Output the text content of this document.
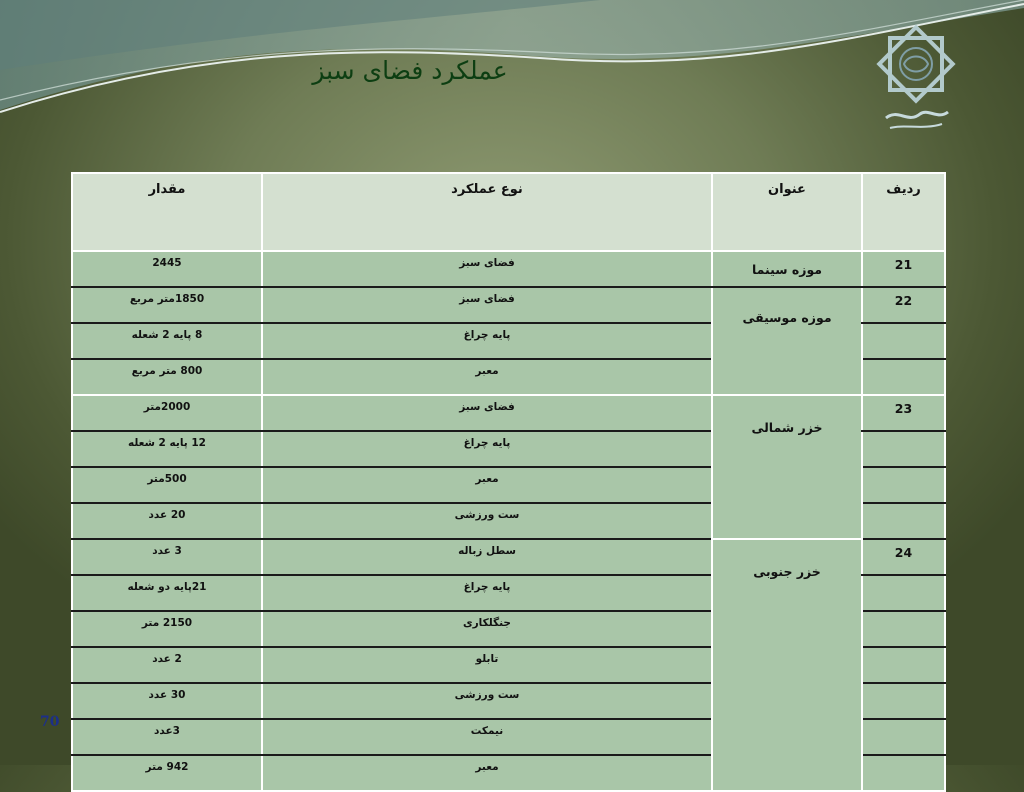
عملکرد فضای سبز
ردیف	عنوان	نوع عملکرد	مقدار
21	موزه سینما	فضای سبز	2445
22	موزه موسیقی	فضای سبز	1850متر مربع
		پایه چراغ	8 پایه 2 شعله
		معبر	800 متر مربع
23	خزر شمالی	فضای سبز	2000متر
		پایه چراغ	12 پایه 2 شعله
		معبر	500متر
		ست ورزشی	20 عدد
24	خزر جنوبی	سطل زباله	3 عدد
		پایه چراغ	21پایه دو شعله
		جنگلکاری	2150 متر
		تابلو	2 عدد
		ست ورزشی	30 عدد
		نیمکت	3عدد
		معبر	942 متر
70
